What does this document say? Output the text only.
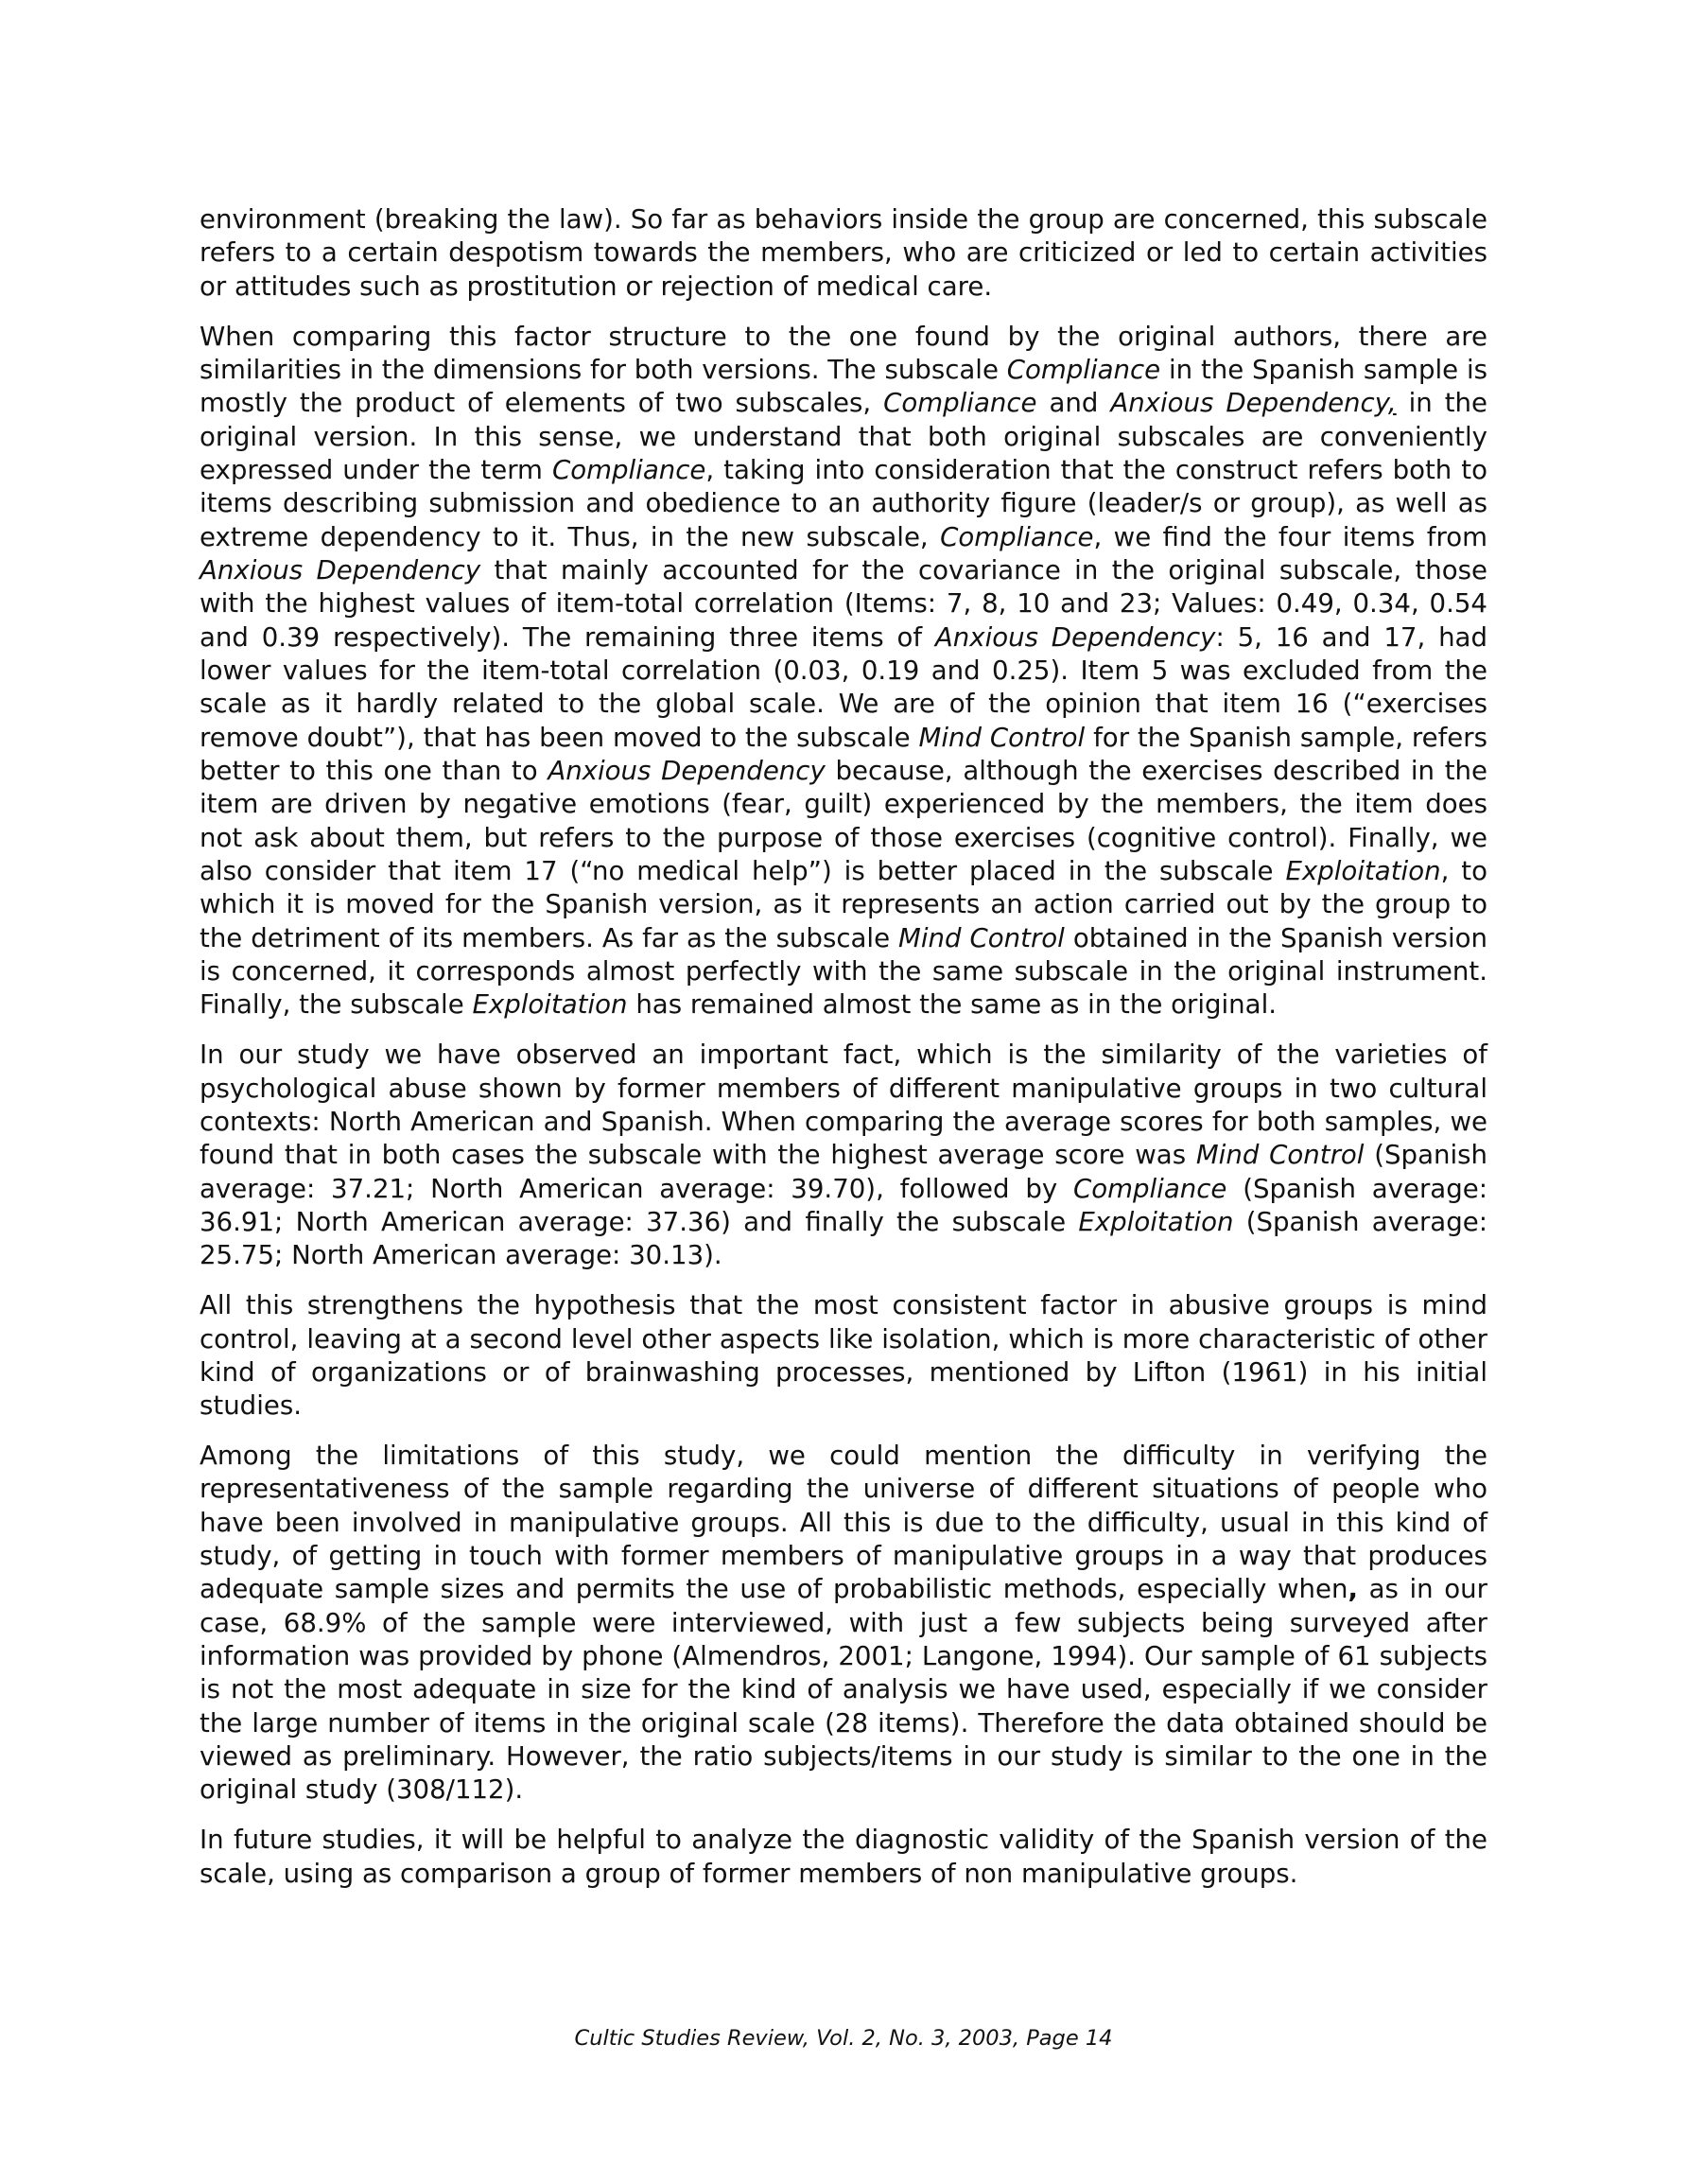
environment (breaking the law). So far as behaviors inside the group are concerned, this subscale refers to a certain despotism towards the members, who are criticized or led to certain activities or attitudes such as prostitution or rejection of medical care.

When comparing this factor structure to the one found by the original authors, there are similarities in the dimensions for both versions. The subscale Compliance in the Spanish sample is mostly the product of elements of two subscales, Compliance and Anxious Dependency, in the original version. In this sense, we understand that both original subscales are conveniently expressed under the term Compliance, taking into consideration that the construct refers both to items describing submission and obedience to an authority figure (leader/s or group), as well as extreme dependency to it. Thus, in the new subscale, Compliance, we find the four items from Anxious Dependency that mainly accounted for the covariance in the original subscale, those with the highest values of item-total correlation (Items: 7, 8, 10 and 23; Values: 0.49, 0.34, 0.54 and 0.39 respectively). The remaining three items of Anxious Dependency: 5, 16 and 17, had lower values for the item-total correlation (0.03, 0.19 and 0.25). Item 5 was excluded from the scale as it hardly related to the global scale. We are of the opinion that item 16 (“exercises remove doubt”), that has been moved to the subscale Mind Control for the Spanish sample, refers better to this one than to Anxious Dependency because, although the exercises described in the item are driven by negative emotions (fear, guilt) experienced by the members, the item does not ask about them, but refers to the purpose of those exercises (cognitive control). Finally, we also consider that item 17 (“no medical help”) is better placed in the subscale Exploitation, to which it is moved for the Spanish version, as it represents an action carried out by the group to the detriment of its members. As far as the subscale Mind Control obtained in the Spanish version is concerned, it corresponds almost perfectly with the same subscale in the original instrument. Finally, the subscale Exploitation has remained almost the same as in the original.

In our study we have observed an important fact, which is the similarity of the varieties of psychological abuse shown by former members of different manipulative groups in two cultural contexts: North American and Spanish. When comparing the average scores for both samples, we found that in both cases the subscale with the highest average score was Mind Control (Spanish average: 37.21; North American average: 39.70), followed by Compliance (Spanish average: 36.91; North American average: 37.36) and finally the subscale Exploitation (Spanish average: 25.75; North American average: 30.13).

All this strengthens the hypothesis that the most consistent factor in abusive groups is mind control, leaving at a second level other aspects like isolation, which is more characteristic of other kind of organizations or of brainwashing processes, mentioned by Lifton (1961) in his initial studies.

Among the limitations of this study, we could mention the difficulty in verifying the representativeness of the sample regarding the universe of different situations of people who have been involved in manipulative groups. All this is due to the difficulty, usual in this kind of study, of getting in touch with former members of manipulative groups in a way that produces adequate sample sizes and permits the use of probabilistic methods, especially when, as in our case, 68.9% of the sample were interviewed, with just a few subjects being surveyed after information was provided by phone (Almendros, 2001; Langone, 1994). Our sample of 61 subjects is not the most adequate in size for the kind of analysis we have used, especially if we consider the large number of items in the original scale (28 items). Therefore the data obtained should be viewed as preliminary. However, the ratio subjects/items in our study is similar to the one in the original study (308/112).

In future studies, it will be helpful to analyze the diagnostic validity of the Spanish version of the scale, using as comparison a group of former members of non manipulative groups.

Cultic Studies Review, Vol. 2, No. 3, 2003, Page 14
